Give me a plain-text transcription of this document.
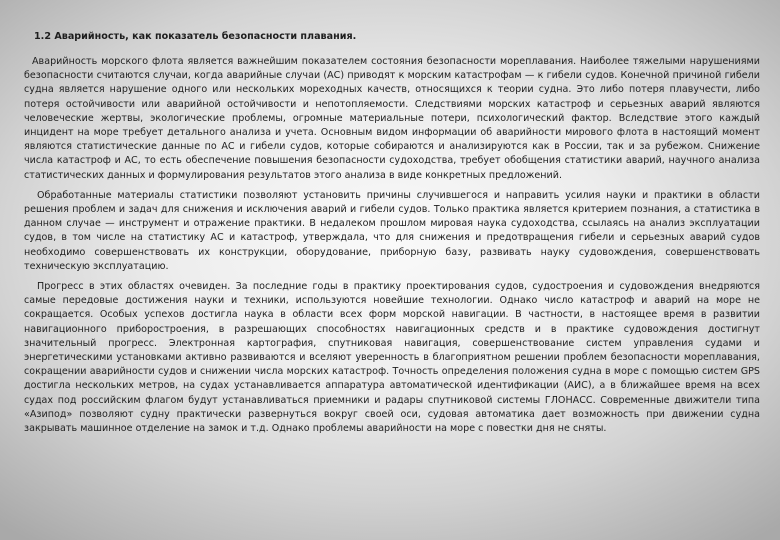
1.2 Аварийность, как показатель безопасности плавания.

Аварийность морского флота является важнейшим показателем состояния безопасности мореплавания. Наиболее тяжелыми нарушениями безопасности считаются случаи, когда аварийные случаи (АС) приводят к морским катастрофам — к гибели судов. Конечной причиной гибели судна является нарушение одного или нескольких мореходных качеств, относящихся к теории судна. Это либо потеря плавучести, либо потеря остойчивости или аварийной остойчивости и непотопляемости. Следствиями морских катастроф и серьезных аварий являются человеческие жертвы, экологические проблемы, огромные материальные потери, психологический фактор. Вследствие этого каждый инцидент на море требует детального анализа и учета. Основным видом информации об аварийности мирового флота в настоящий момент являются статистические данные по АС и гибели судов, которые собираются и анализируются как в России, так и за рубежом. Снижение числа катастроф и АС, то есть обеспечение повышения безопасности судоходства, требует обобщения статистики аварий, научного анализа статистических данных и формулирования результатов этого анализа в виде конкретных предложений.

Обработанные материалы статистики позволяют установить причины случившегося и направить усилия науки и практики в области решения проблем и задач для снижения и исключения аварий и гибели судов. Только практика является критерием познания, а статистика в данном случае — инструмент и отражение практики. В недалеком прошлом мировая наука судоходства, ссылаясь на анализ эксплуатации судов, в том числе на статистику АС и катастроф, утверждала, что для снижения и предотвращения гибели и серьезных аварий судов необходимо совершенствовать их конструкции, оборудование, приборную базу, развивать науку судовождения, совершенствовать техническую эксплуатацию.

Прогресс в этих областях очевиден. За последние годы в практику проектирования судов, судостроения и судовождения внедряются самые передовые достижения науки и техники, используются новейшие технологии. Однако число катастроф и аварий на море не сокращается. Особых успехов достигла наука в области всех форм морской навигации. В частности, в настоящее время в развитии навигационного приборостроения, в разрешающих способностях навигационных средств и в практике судовождения достигнут значительный прогресс. Электронная картография, спутниковая навигация, совершенствование систем управления судами и энергетическими установками активно развиваются и вселяют уверенность в благоприятном решении проблем безопасности мореплавания, сокращении аварийности судов и снижении числа морских катастроф. Точность определения положения судна в море с помощью систем GPS достигла нескольких метров, на судах устанавливается аппаратура автоматической идентификации (АИС), а в ближайшее время на всех судах под российским флагом будут устанавливаться приемники и радары спутниковой системы ГЛОНАСС. Современные движители типа «Азипод» позволяют судну практически развернуться вокруг своей оси, судовая автоматика дает возможность при движении судна закрывать машинное отделение на замок и т.д. Однако проблемы аварийности на море с повестки дня не сняты.
